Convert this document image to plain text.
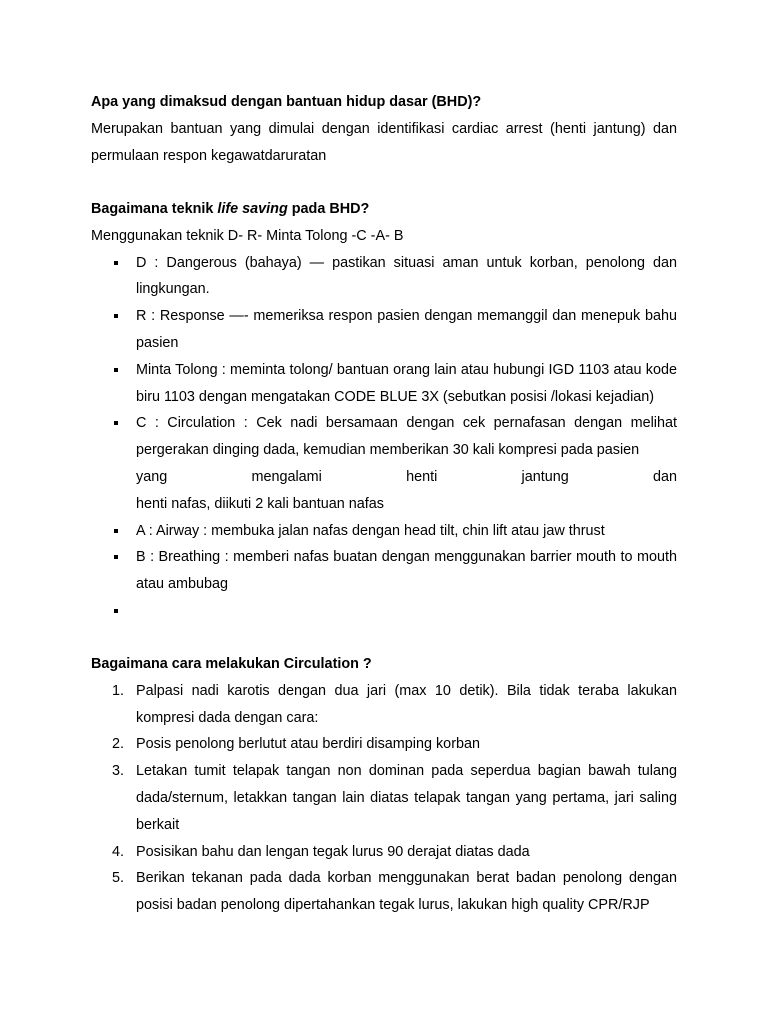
Apa yang dimaksud dengan bantuan hidup dasar (BHD)?
Merupakan bantuan yang dimulai dengan identifikasi cardiac arrest (henti jantung) dan permulaan respon kegawatdaruratan
Bagaimana teknik life saving pada BHD?
Menggunakan teknik D- R- Minta Tolong -C -A- B
D : Dangerous (bahaya) — pastikan situasi aman untuk korban, penolong dan lingkungan.
R : Response —- memeriksa respon pasien dengan memanggil dan menepuk bahu pasien
Minta Tolong : meminta tolong/ bantuan orang lain atau hubungi IGD 1103 atau kode biru 1103 dengan mengatakan CODE BLUE 3X (sebutkan posisi /lokasi kejadian)
C : Circulation : Cek nadi bersamaan dengan cek pernafasan dengan melihat pergerakan dinging dada, kemudian memberikan 30 kali kompresi pada pasien
yang	mengalami	henti	jantung	dan
henti nafas, diikuti 2 kali bantuan nafas
A : Airway : membuka jalan nafas dengan head tilt, chin lift atau jaw thrust
B : Breathing : memberi nafas buatan dengan menggunakan barrier mouth to mouth atau ambubag

Bagaimana cara melakukan Circulation ?
1. Palpasi nadi karotis dengan dua jari (max 10 detik). Bila tidak teraba lakukan kompresi dada dengan cara:
2. Posis penolong berlutut atau berdiri disamping korban
3. Letakan tumit telapak tangan non dominan pada seperdua bagian bawah tulang dada/sternum, letakkan tangan lain diatas telapak tangan yang pertama, jari saling berkait
4. Posisikan bahu dan lengan tegak lurus 90 derajat diatas dada
5. Berikan tekanan pada dada korban menggunakan berat badan penolong dengan posisi badan penolong dipertahankan tegak lurus, lakukan high quality CPR/RJP
